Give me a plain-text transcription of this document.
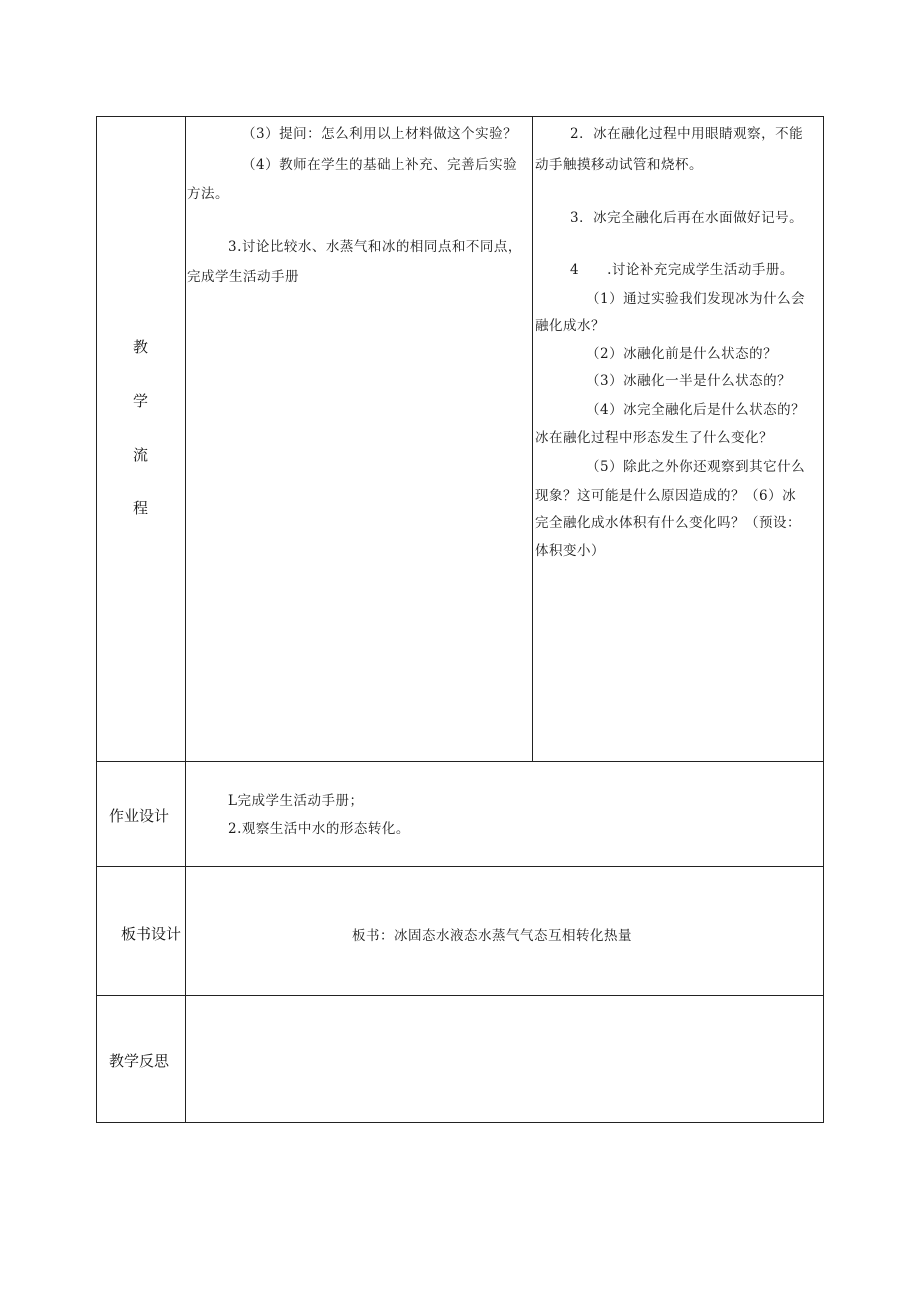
教
学
流
程
（3）提问：怎么利用以上材料做这个实验？
（4）教师在学生的基础上补充、完善后实验
方法。
3.讨论比较水、水蒸气和冰的相同点和不同点，
完成学生活动手册
2．冰在融化过程中用眼睛观察，不能
动手触摸移动试管和烧杯。
3．冰完全融化后再在水面做好记号。
4　　.讨论补充完成学生活动手册。
（1）通过实验我们发现冰为什么会
融化成水？
（2）冰融化前是什么状态的？
（3）冰融化一半是什么状态的？
（4）冰完全融化后是什么状态的？
冰在融化过程中形态发生了什么变化？
（5）除此之外你还观察到其它什么
现象？这可能是什么原因造成的？（6）冰
完全融化成水体积有什么变化吗？（预设：
体积变小）
作业设计
L完成学生活动手册；
2.观察生活中水的形态转化。
板书设计	板书：冰固态水液态水蒸气气态互相转化热量
教学反思
